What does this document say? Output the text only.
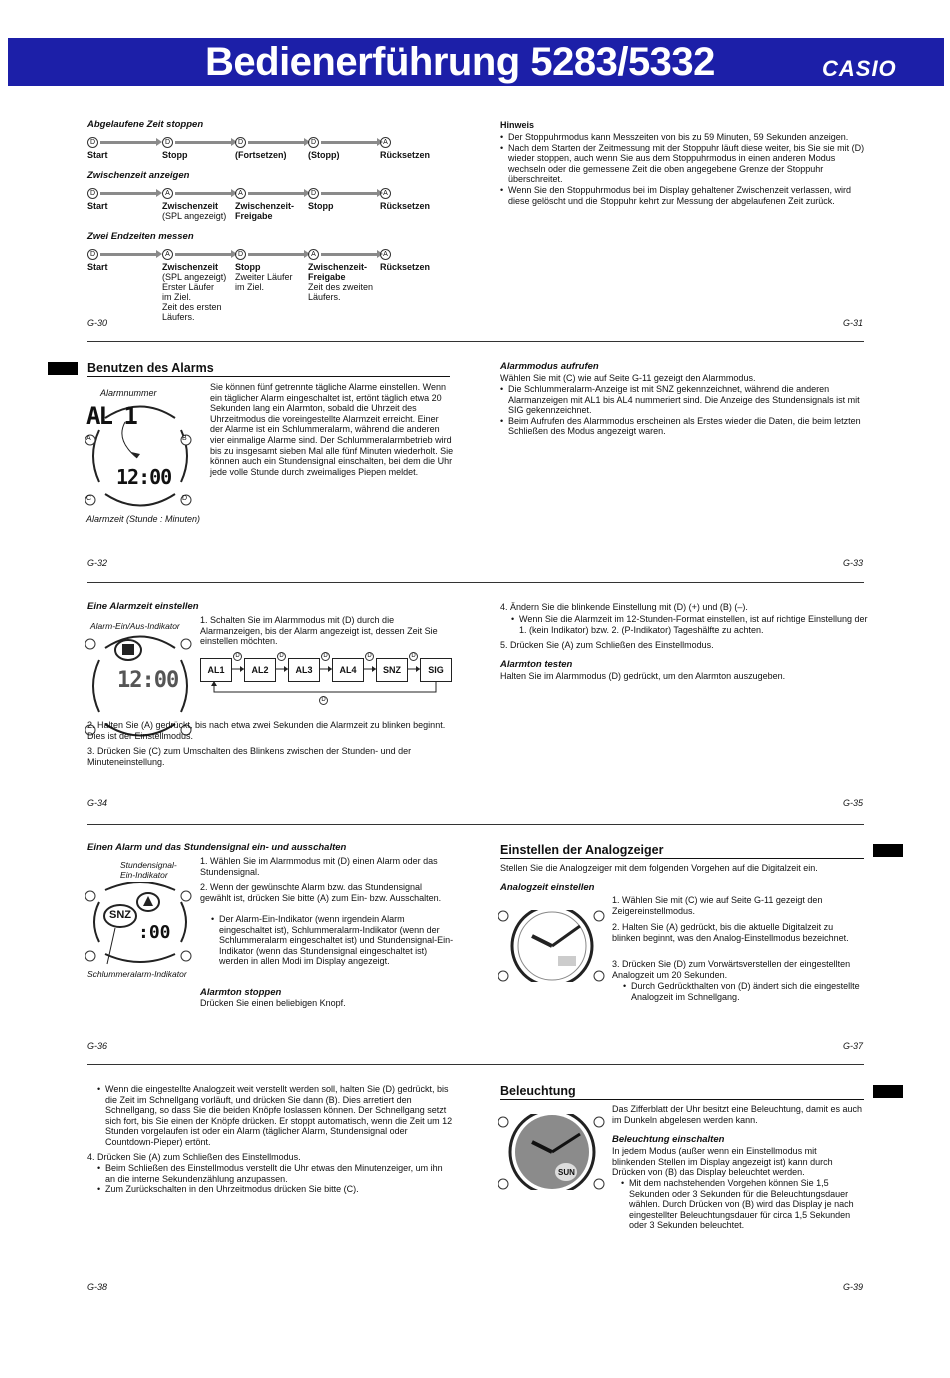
Bedienerführung 5283/5332	CASIO
Abgelaufene Zeit stoppen
D	D	D	D	A
Start	Stopp	(Fortsetzen) (Stopp)	Rücksetzen
Zwischenzeit anzeigen
D	A	A	D	A
Start	Zwischenzeit
(SPL angezeigt)
Zwischenzeit-
Freigabe
Stopp	Rücksetzen
Zwei Endzeiten messen
D	A	D	A	A
Start	Zwischenzeit
(SPL angezeigt)
Erster Läufer im Ziel.
Zeit des ersten Läufers.
Stopp
Zweiter Läufer im Ziel.
Zwischenzeit-
Freigabe
Zeit des zweiten Läufers.
Rücksetzen
G-30
Hinweis
• Der Stoppuhrmodus kann Messzeiten von bis zu 59 Minuten, 59 Sekunden anzeigen.
• Nach dem Starten der Zeitmessung mit der Stoppuhr läuft diese weiter, bis Sie sie mit (D) wieder stoppen, auch wenn Sie aus dem Stoppuhrmodus in einen anderen Modus wechseln oder die gemessene Zeit die oben angegebene Grenze der Stoppuhr überschreitet.
• Wenn Sie den Stoppuhrmodus bei im Display gehaltener Zwischenzeit verlassen, wird diese gelöscht und die Stoppuhr kehrt zur Messung der abgelaufenen Zeit zurück.
G-31
Benutzen des Alarms
Alarmnummer
A	B
C	D
AL 1
12:00
Alarmzeit (Stunde : Minuten)
Sie können fünf getrennte tägliche Alarme einstellen. Wenn ein täglicher Alarm eingeschaltet ist, ertönt täglich etwa 20 Sekunden lang ein Alarmton, sobald die Uhrzeit des Uhrzeitmodus die voreingestellte Alarmzeit erreicht. Einer der Alarme ist ein Schlummeralarm, während die anderen vier einmalige Alarme sind. Der Schlummeralarmbetrieb wird bis zu insgesamt sieben Mal alle fünf Minuten wiederholt. Sie können auch ein Stundensignal einschalten, bei dem die Uhr jede volle Stunde durch zweimaliges Piepen meldet.
G-32
Alarmmodus aufrufen
Wählen Sie mit (C) wie auf Seite G-11 gezeigt den Alarmmodus.
• Die Schlummeralarm-Anzeige ist mit SNZ gekennzeichnet, während die anderen Alarmanzeigen mit AL1 bis AL4 nummeriert sind. Die Anzeige des Stundensignals ist mit SIG gekennzeichnet.
• Beim Aufrufen des Alarmmodus erscheinen als Erstes wieder die Daten, die beim letzten Schließen des Modus angezeigt waren.
G-33
Eine Alarmzeit einstellen
Alarm-Ein/Aus-Indikator
12:00
1. Schalten Sie im Alarmmodus mit (D) durch die Alarmanzeigen, bis der Alarm angezeigt ist, dessen Zeit Sie einstellen möchten.
AL1	AL2	AL3	AL4	SNZ	SIG
D	D	D	D	D
D
2. Halten Sie (A) gedrückt, bis nach etwa zwei Sekunden die Alarmzeit zu blinken beginnt. Dies ist der Einstellmodus.
3. Drücken Sie (C) zum Umschalten des Blinkens zwischen der Stunden- und der Minuteneinstellung.
G-34
4. Ändern Sie die blinkende Einstellung mit (D) (+) und (B) (–).
• Wenn Sie die Alarmzeit im 12-Stunden-Format einstellen, ist auf richtige Einstellung der 1. (kein Indikator) bzw. 2. (P-Indikator) Tageshälfte zu achten.
5. Drücken Sie (A) zum Schließen des Einstellmodus.
Alarmton testen
Halten Sie im Alarmmodus (D) gedrückt, um den Alarmton auszugeben.
G-35
Einen Alarm und das Stundensignal ein- und ausschalten
Stundensignal-Ein-Indikator
SNZ
:00
Schlummeralarm-Indikator
1. Wählen Sie im Alarmmodus mit (D) einen Alarm oder das Stundensignal.
2. Wenn der gewünschte Alarm bzw. das Stundensignal gewählt ist, drücken Sie bitte (A) zum Ein- bzw. Ausschalten.
• Der Alarm-Ein-Indikator (wenn irgendein Alarm eingeschaltet ist), Schlummeralarm-Indikator (wenn der Schlummeralarm eingeschaltet ist) und Stundensignal-Ein-Indikator (wenn das Stundensignal eingeschaltet ist) werden in allen Modi im Display angezeigt.
Alarmton stoppen
Drücken Sie einen beliebigen Knopf.
G-36
Einstellen der Analogzeiger
Stellen Sie die Analogzeiger mit dem folgenden Vorgehen auf die Digitalzeit ein.
Analogzeit einstellen
1. Wählen Sie mit (C) wie auf Seite G-11 gezeigt den Zeigereinstellmodus.
2. Halten Sie (A) gedrückt, bis die aktuelle Digitalzeit zu blinken beginnt, was den Analog-Einstellmodus bezeichnet.
3. Drücken Sie (D) zum Vorwärtsverstellen der eingestellten Analogzeit um 20 Sekunden.
• Durch Gedrückthalten von (D) ändert sich die eingestellte Analogzeit im Schnellgang.
G-37
• Wenn die eingestellte Analogzeit weit verstellt werden soll, halten Sie (D) gedrückt, bis die Zeit im Schnellgang vorläuft, und drücken Sie dann (B). Dies arretiert den Schnellgang, so dass Sie die beiden Knöpfe loslassen können. Der Schnellgang setzt sich fort, bis Sie einen der Knöpfe drücken. Er stoppt automatisch, wenn die Zeit um 12 Stunden vorgelaufen ist oder ein Alarm (täglicher Alarm, Stundensignal oder Countdown-Pieper) ertönt.
4. Drücken Sie (A) zum Schließen des Einstellmodus.
• Beim Schließen des Einstellmodus verstellt die Uhr etwas den Minutenzeiger, um ihn an die interne Sekundenzählung anzupassen.
• Zum Zurückschalten in den Uhrzeitmodus drücken Sie bitte (C).
G-38
Beleuchtung
SUN
Das Zifferblatt der Uhr besitzt eine Beleuchtung, damit es auch im Dunkeln abgelesen werden kann.
Beleuchtung einschalten
In jedem Modus (außer wenn ein Einstellmodus mit blinkenden Stellen im Display angezeigt ist) kann durch Drücken von (B) das Display beleuchtet werden.
• Mit dem nachstehenden Vorgehen können Sie 1,5 Sekunden oder 3 Sekunden für die Beleuchtungsdauer wählen. Durch Drücken von (B) wird das Display je nach eingestellter Beleuchtungsdauer für circa 1,5 Sekunden oder 3 Sekunden beleuchtet.
G-39
